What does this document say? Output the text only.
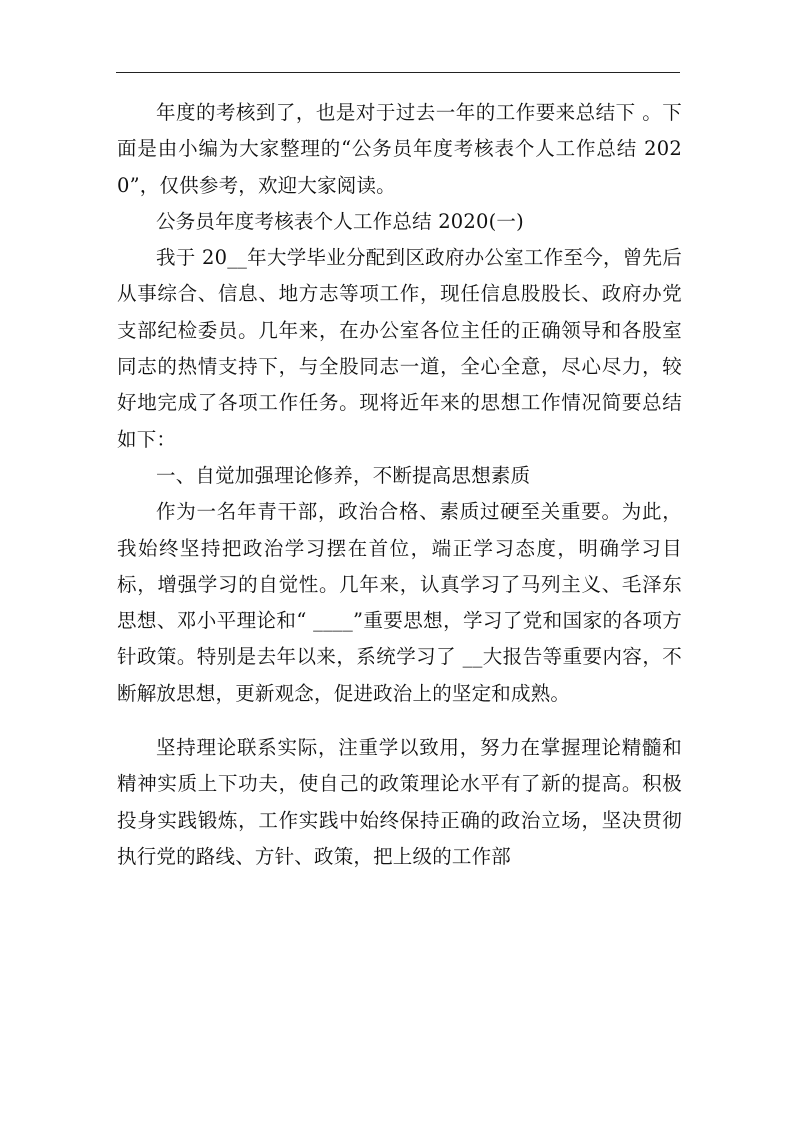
年度的考核到了，也是对于过去一年的工作要来总结下 。下面是由小编为大家整理的“公务员年度考核表个人工作总结 2020”，仅供参考，欢迎大家阅读。

公务员年度考核表个人工作总结 2020(一)

我于 20__年大学毕业分配到区政府办公室工作至今，曾先后从事综合、信息、地方志等项工作，现任信息股股长、政府办党支部纪检委员。几年来，在办公室各位主任的正确领导和各股室同志的热情支持下，与全股同志一道，全心全意，尽心尽力，较好地完成了各项工作任务。现将近年来的思想工作情况简要总结如下：

一、自觉加强理论修养，不断提高思想素质

作为一名年青干部，政治合格、素质过硬至关重要。为此，我始终坚持把政治学习摆在首位，端正学习态度，明确学习目标，增强学习的自觉性。几年来，认真学习了马列主义、毛泽东思想、邓小平理论和“ ____”重要思想，学习了党和国家的各项方针政策。特别是去年以来，系统学习了 __大报告等重要内容，不断解放思想，更新观念，促进政治上的坚定和成熟。

坚持理论联系实际，注重学以致用，努力在掌握理论精髓和精神实质上下功夫，使自己的政策理论水平有了新的提高。积极投身实践锻炼，工作实践中始终保持正确的政治立场，坚决贯彻执行党的路线、方针、政策，把上级的工作部
